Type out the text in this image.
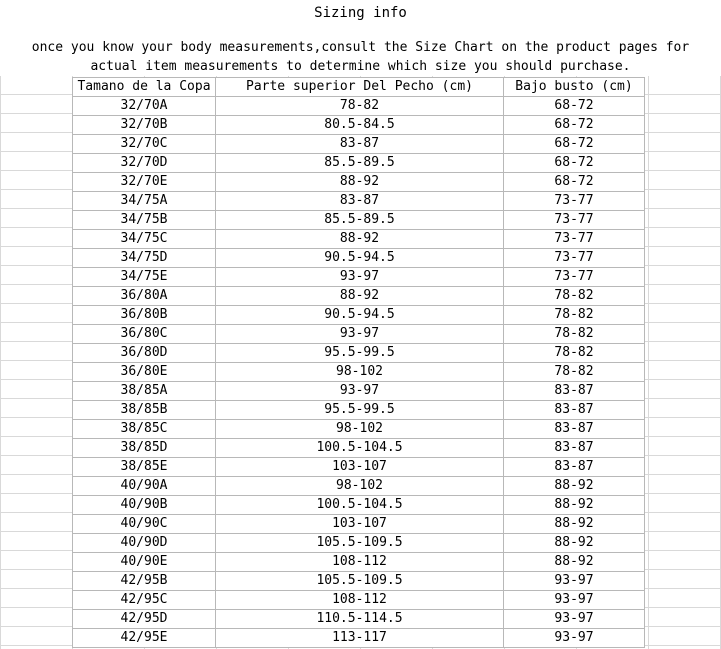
Sizing info
once you know your body measurements,consult the Size Chart on the product pages for
actual item measurements to determine which size you should purchase.
Tamano de la Copa	Parte superior Del Pecho (cm)	Bajo busto (cm)
32/70A	78-82	68-72
32/70B	80.5-84.5	68-72
32/70C	83-87	68-72
32/70D	85.5-89.5	68-72
32/70E	88-92	68-72
34/75A	83-87	73-77
34/75B	85.5-89.5	73-77
34/75C	88-92	73-77
34/75D	90.5-94.5	73-77
34/75E	93-97	73-77
36/80A	88-92	78-82
36/80B	90.5-94.5	78-82
36/80C	93-97	78-82
36/80D	95.5-99.5	78-82
36/80E	98-102	78-82
38/85A	93-97	83-87
38/85B	95.5-99.5	83-87
38/85C	98-102	83-87
38/85D	100.5-104.5	83-87
38/85E	103-107	83-87
40/90A	98-102	88-92
40/90B	100.5-104.5	88-92
40/90C	103-107	88-92
40/90D	105.5-109.5	88-92
40/90E	108-112	88-92
42/95B	105.5-109.5	93-97
42/95C	108-112	93-97
42/95D	110.5-114.5	93-97
42/95E	113-117	93-97
